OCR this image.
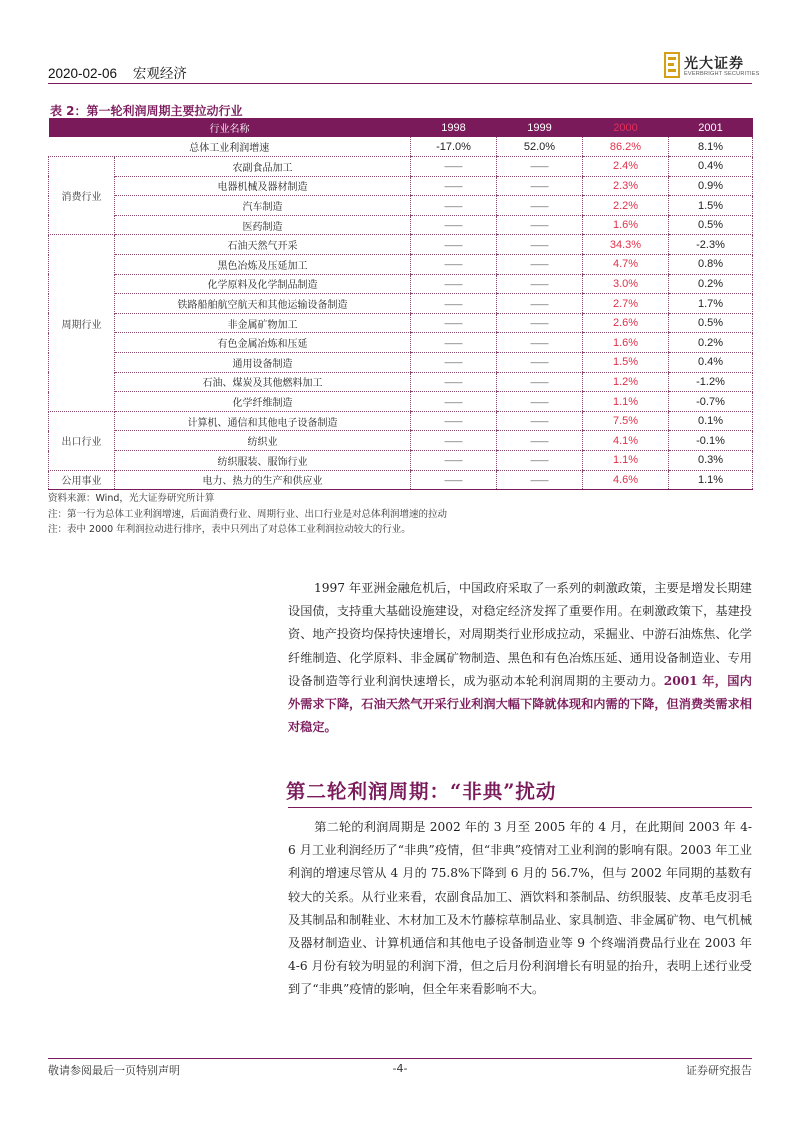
2020-02-06 宏观经济
光大证券
EVERBRIGHT SECURITIES
表 2：第一轮利润周期主要拉动行业
行业名称		1998	1999	2000	2001
总体工业利润增速		-17.0%	52.0%	86.2%	8.1%
消费行业	农副食品加工	——	——	2.4%	0.4%
	电器机械及器材制造	——	——	2.3%	0.9%
	汽车制造	——	——	2.2%	1.5%
	医药制造	——	——	1.6%	0.5%
周期行业	石油天然气开采	——	——	34.3%	-2.3%
	黑色冶炼及压延加工	——	——	4.7%	0.8%
	化学原料及化学制品制造	——	——	3.0%	0.2%
	铁路船舶航空航天和其他运输设备制造	——	——	2.7%	1.7%
	非金属矿物加工	——	——	2.6%	0.5%
	有色金属冶炼和压延	——	——	1.6%	0.2%
	通用设备制造	——	——	1.5%	0.4%
	石油、煤炭及其他燃料加工	——	——	1.2%	-1.2%
	化学纤维制造	——	——	1.1%	-0.7%
出口行业	计算机、通信和其他电子设备制造	——	——	7.5%	0.1%
	纺织业	——	——	4.1%	-0.1%
	纺织服装、服饰行业	——	——	1.1%	0.3%
公用事业	电力、热力的生产和供应业	——	——	4.6%	1.1%
资料来源：Wind，光大证券研究所计算
注：第一行为总体工业利润增速，后面消费行业、周期行业、出口行业是对总体利润增速的拉动
注：表中 2000 年利润拉动进行排序，表中只列出了对总体工业利润拉动较大的行业。
1997 年亚洲金融危机后，中国政府采取了一系列的刺激政策，主要是增发长期建设国债，支持重大基础设施建设，对稳定经济发挥了重要作用。在刺激政策下，基建投资、地产投资均保持快速增长，对周期类行业形成拉动，采掘业、中游石油炼焦、化学纤维制造、化学原料、非金属矿物制造、黑色和有色冶炼压延、通用设备制造业、专用设备制造等行业利润快速增长，成为驱动本轮利润周期的主要动力。2001 年，国内外需求下降，石油天然气开采行业利润大幅下降就体现和内需的下降，但消费类需求相对稳定。
第二轮利润周期：“非典”扰动
第二轮的利润周期是 2002 年的 3 月至 2005 年的 4 月，在此期间 2003 年 4-6 月工业利润经历了“非典”疫情，但“非典”疫情对工业利润的影响有限。2003 年工业利润的增速尽管从 4 月的 75.8%下降到 6 月的 56.7%，但与 2002 年同期的基数有较大的关系。从行业来看，农副食品加工、酒饮料和茶制品、纺织服装、皮革毛皮羽毛及其制品和制鞋业、木材加工及木竹藤棕草制品业、家具制造、非金属矿物、电气机械及器材制造业、计算机通信和其他电子设备制造业等 9 个终端消费品行业在 2003 年 4-6 月份有较为明显的利润下滑，但之后月份利润增长有明显的抬升，表明上述行业受到了“非典”疫情的影响，但全年来看影响不大。
敬请参阅最后一页特别声明	-4-	证券研究报告
